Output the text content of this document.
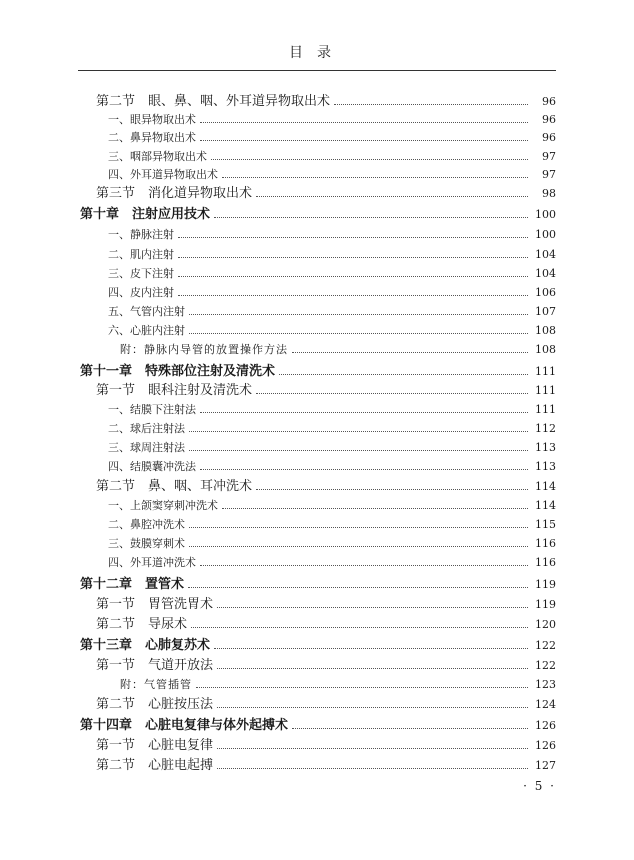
目录
第二节　眼、鼻、咽、外耳道异物取出术	96
一、眼异物取出术	96
二、鼻异物取出术	96
三、咽部异物取出术	97
四、外耳道异物取出术	97
第三节　消化道异物取出术	98
第十章　注射应用技术	100
一、静脉注射	100
二、肌内注射	104
三、皮下注射	104
四、皮内注射	106
五、气管内注射	107
六、心脏内注射	108
附：静脉内导管的放置操作方法	108
第十一章　特殊部位注射及清洗术	111
第一节　眼科注射及清洗术	111
一、结膜下注射法	111
二、球后注射法	112
三、球周注射法	113
四、结膜囊冲洗法	113
第二节　鼻、咽、耳冲洗术	114
一、上颌窦穿刺冲洗术	114
二、鼻腔冲洗术	115
三、鼓膜穿刺术	116
四、外耳道冲洗术	116
第十二章　置管术	119
第一节　胃管洗胃术	119
第二节　导尿术	120
第十三章　心肺复苏术	122
第一节　气道开放法	122
附：气管插管	123
第二节　心脏按压法	124
第十四章　心脏电复律与体外起搏术	126
第一节　心脏电复律	126
第二节　心脏电起搏	127
· 5 ·
